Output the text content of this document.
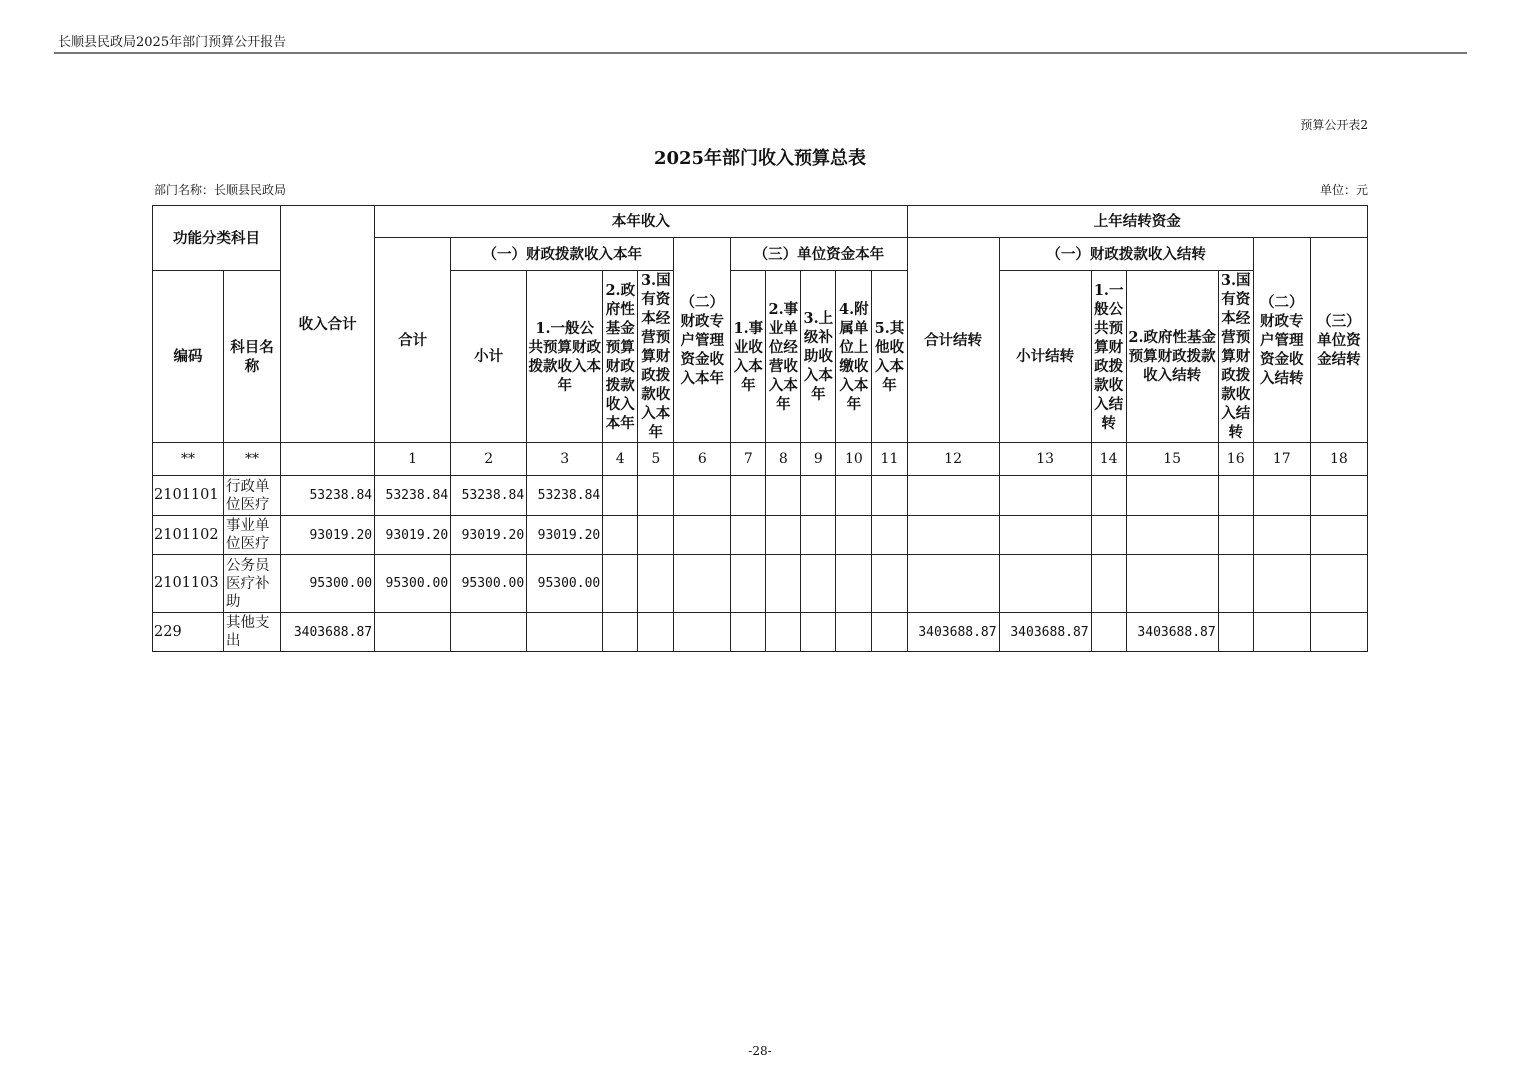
长顺县民政局2025年部门预算公开报告
预算公开表2
2025年部门收入预算总表
部门名称：长顺县民政局	单位：元
功能分类科目		收入合计	本年收入											上年结转资金						
			合计	（一）财政拨款收入本年				（二）财政专户管理资金收入本年	（三）单位资金本年					合计结转	（一）财政拨款收入结转				（二）财政专户管理资金收入结转	（三）单位资金结转
编码	科目名称			小计	1.一般公共预算财政拨款收入本年	2.政府性基金预算财政拨款收入本年	3.国有资本经营预算财政拨款收入本年		1.事业收入本年	2.事业单位经营收入本年	3.上级补助收入本年	4.附属单位上缴收入本年	5.其他收入本年		小计结转	1.一般公共预算财政拨款收入结转	2.政府性基金预算财政拨款收入结转	3.国有资本经营预算财政拨款收入结转		
**	**		1	2	3	4	5	6	7	8	9	10	11	12	13	14	15	16	17	18
2101101	行政单位医疗	53238.84	53238.84	53238.84	53238.84															
2101102	事业单位医疗	93019.20	93019.20	93019.20	93019.20															
2101103	公务员医疗补助	95300.00	95300.00	95300.00	95300.00															
229	其他支出	3403688.87												3403688.87	3403688.87		3403688.87			
-28-
